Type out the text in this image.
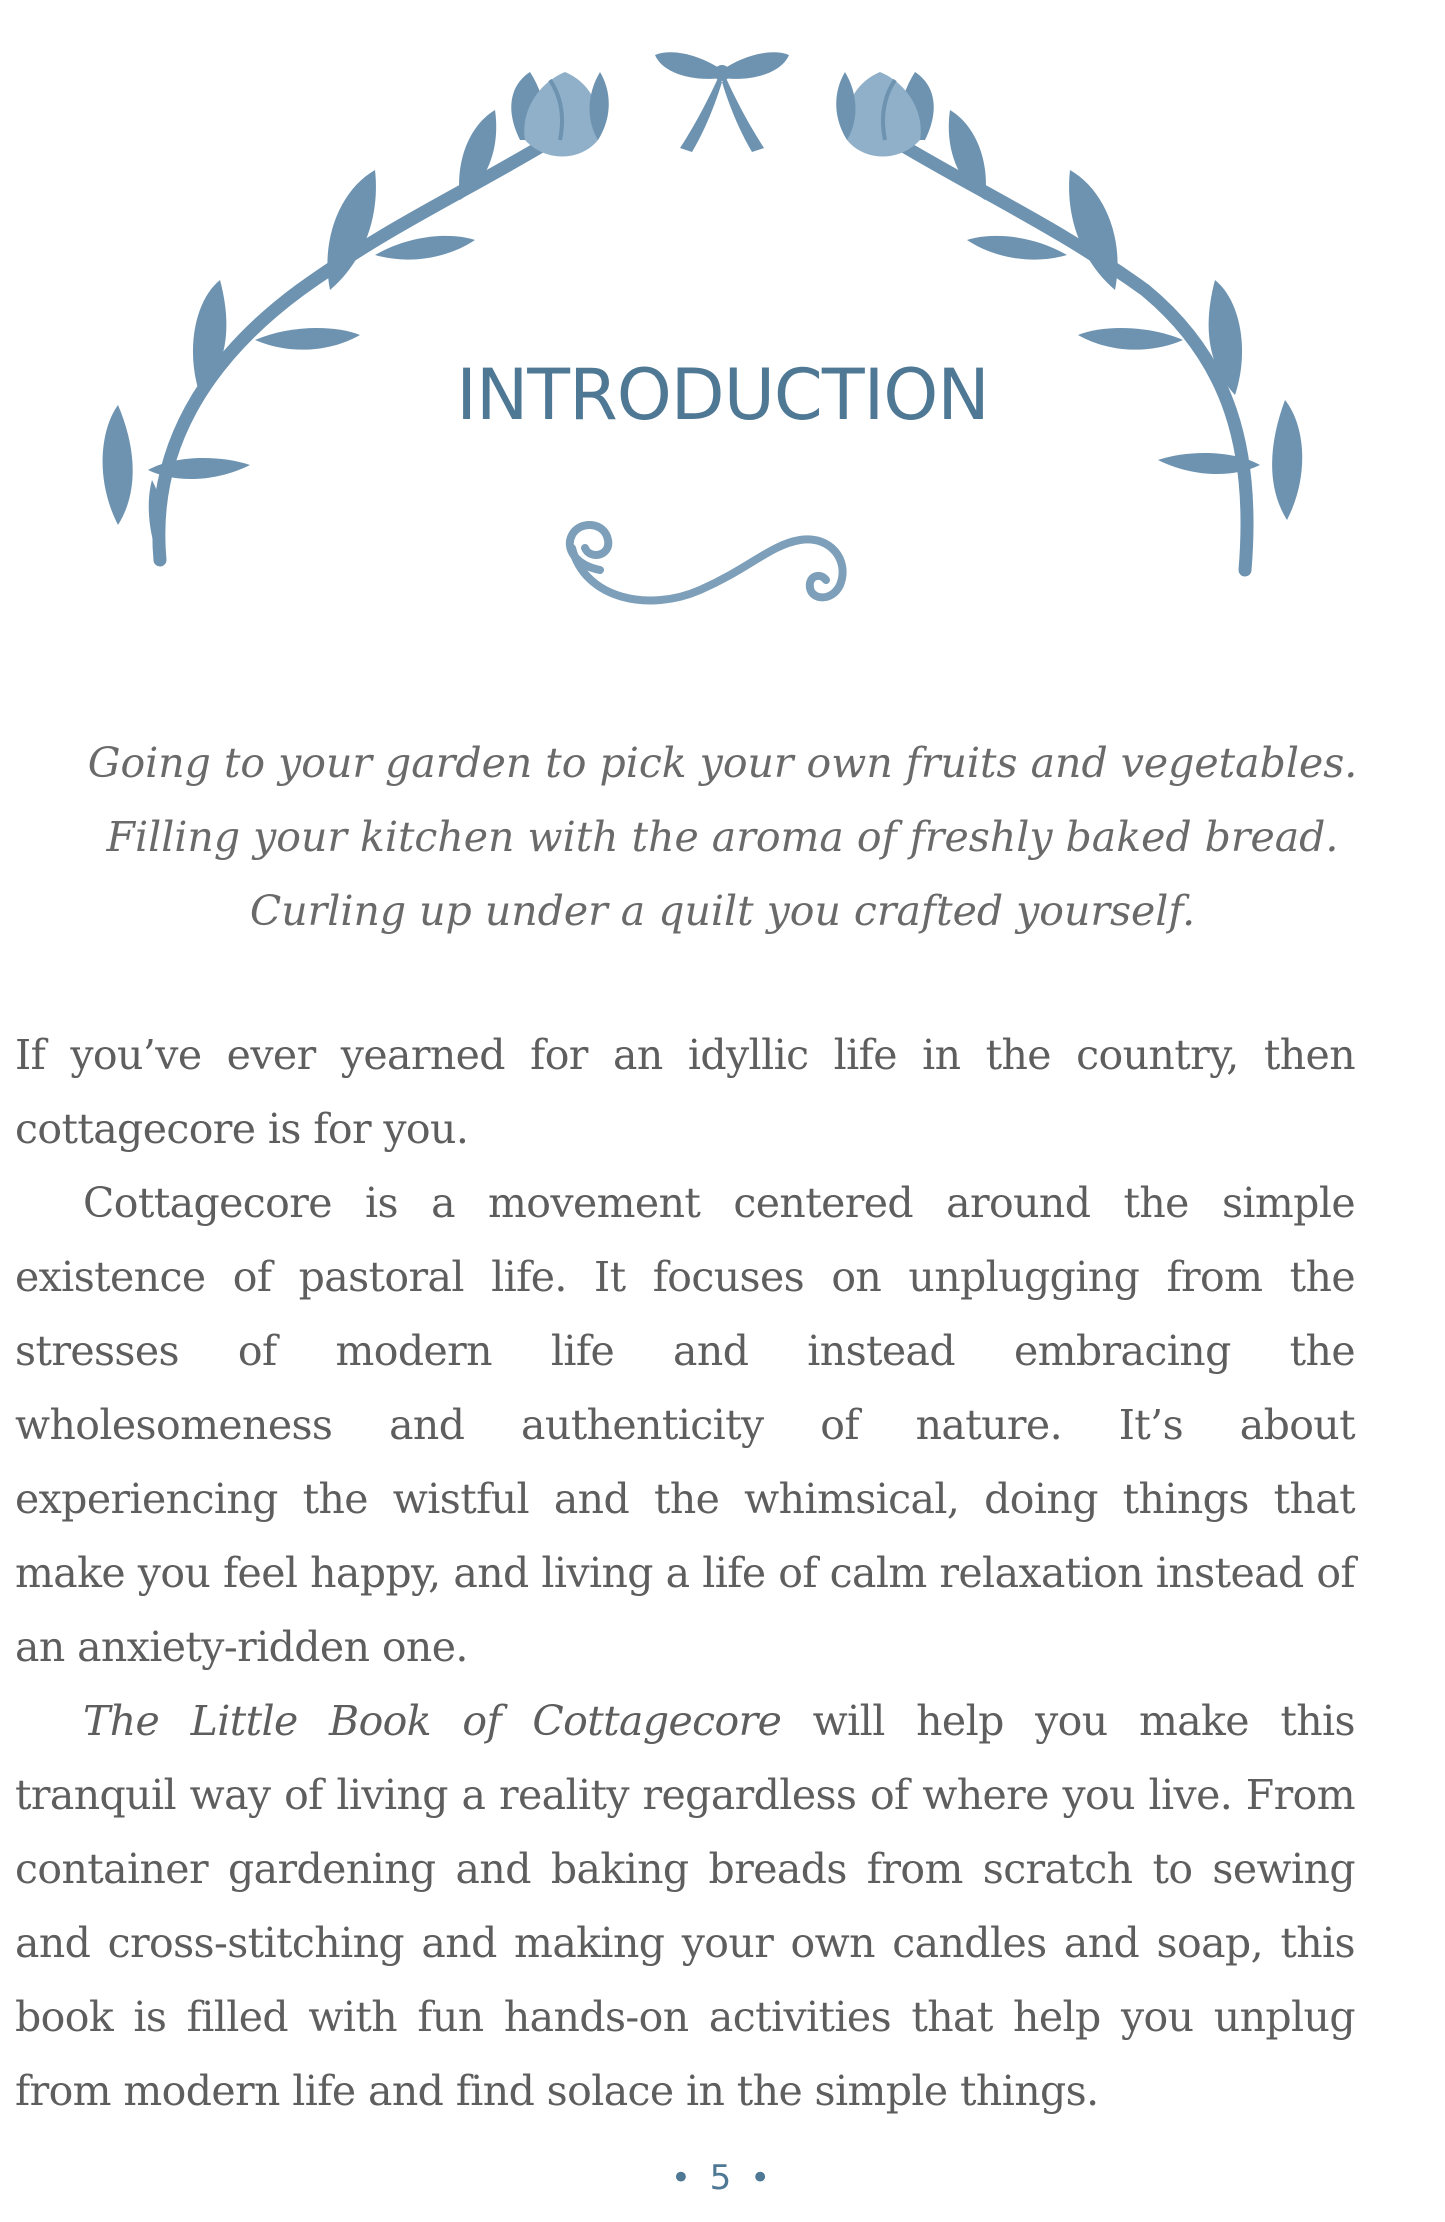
INTRODUCTION
Going to your garden to pick your own fruits and vegetables.
Filling your kitchen with the aroma of freshly baked bread.
Curling up under a quilt you crafted yourself.

If you’ve ever yearned for an idyllic life in the country, then cottagecore is for you.

Cottagecore is a movement centered around the simple existence of pastoral life. It focuses on unplugging from the stresses of modern life and instead embracing the wholesomeness and authenticity of nature. It’s about experiencing the wistful and the whimsical, doing things that make you feel happy, and living a life of calm relaxation instead of an anxiety-ridden one.

The Little Book of Cottagecore will help you make this tranquil way of living a reality regardless of where you live. From container gardening and baking breads from scratch to sewing and cross-stitching and making your own candles and soap, this book is filled with fun hands-on activities that help you unplug from modern life and find solace in the simple things.

• 5 •
